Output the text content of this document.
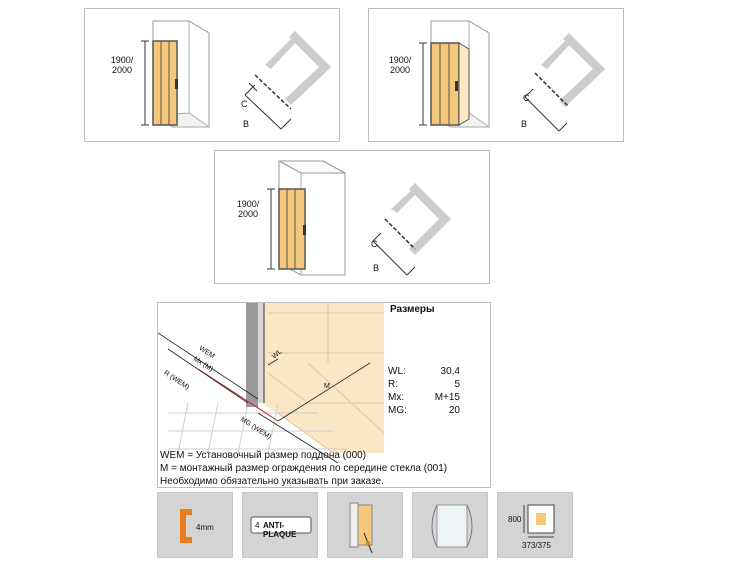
1900/
2000
C
B
1900/
2000
C
B
1900/
2000
C
B
WEM
Mx (M)
R (WEM)
WL
M
MG (WEM)
Размеры
WL:	30,4
R:	5
Mx:	M+15
MG:	20
WEM = Установочный размер поддона (000)
M = монтажный размер ограждения по середине стекла (001)
Необходимо обязательно указывать при заказе.
4mm	4 ANTI-PLAQUE
800
373/375
